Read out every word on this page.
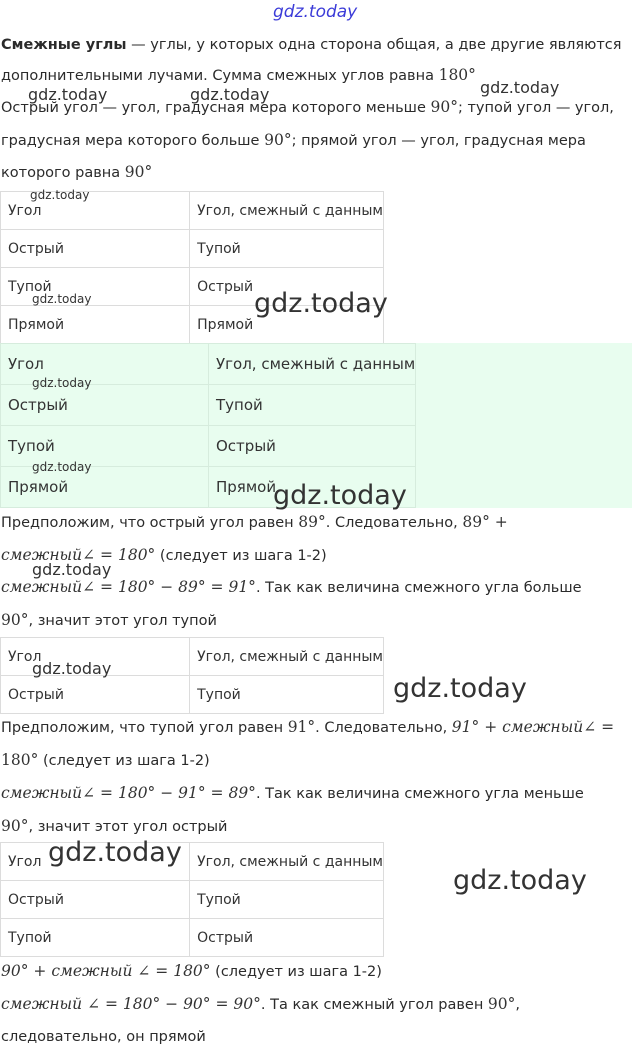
gdz.today
Смежные углы — углы, у которых одна сторона общая, а две другие являются
дополнительными лучами. Сумма смежных углов равна 180°
Острый угол — угол, градусная мера которого меньше 90°; тупой угол — угол,
градусная мера которого больше 90°; прямой угол — угол, градусная мера
которого равна 90°
Угол	Угол, смежный с данным
Острый	Тупой
Тупой	Острый
Прямой	Прямой
Угол	Угол, смежный с данным	
Острый	Тупой	
Тупой	Острый	
Прямой	Прямой	
Предположим, что острый угол равен 89°. Следовательно, 89° +
смежный∠ = 180° (следует из шага 1-2)
смежный∠ = 180° − 89° = 91°. Так как величина смежного угла больше
90°, значит этот угол тупой
Угол	Угол, смежный с данным
Острый	Тупой
Предположим, что тупой угол равен 91°. Следовательно, 91° + смежный∠ =
180° (следует из шага 1-2)
смежный∠ = 180° − 91° = 89°. Так как величина смежного угла меньше
90°, значит этот угол острый
Угол	Угол, смежный с данным
Острый	Тупой
Тупой	Острый
90° + смежный ∠ = 180° (следует из шага 1-2)
смежный ∠ = 180° − 90° = 90°. Та как смежный угол равен 90°,
следовательно, он прямой
gdz.today
gdz.today	gdz.today
gdz.today
gdz.today	gdz.today
gdz.today
gdz.today
gdz.today
gdz.today
gdz.today
gdz.today
gdz.today
gdz.today
